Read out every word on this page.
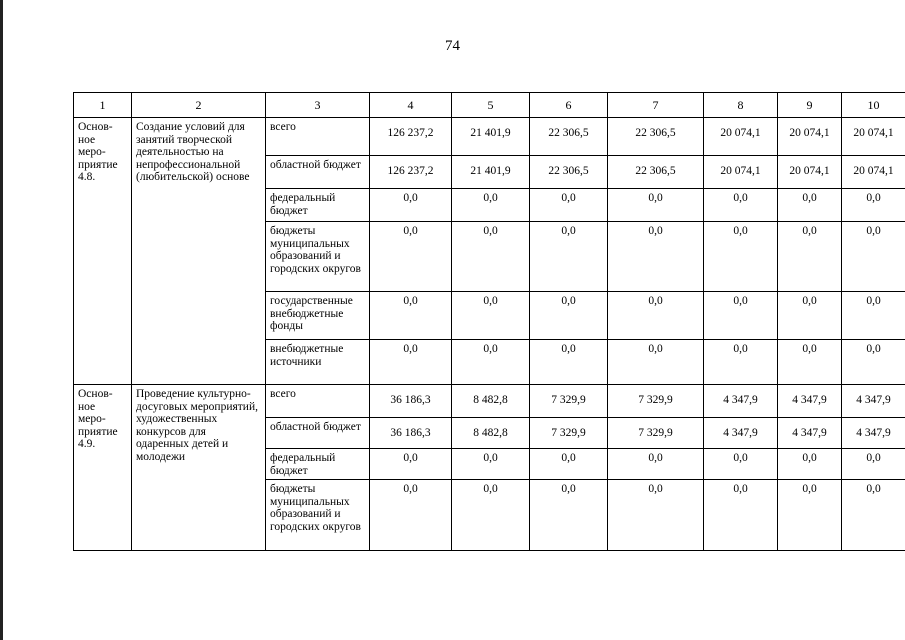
74
1	2	3	4	5	6	7	8	9	10
Основ-
ное
меро-
приятие
4.8.	Создание условий для занятий творческой деятельностью на непрофессиональной (любительской) основе	всего	126 237,2	21 401,9	22 306,5	22 306,5	20 074,1	20 074,1	20 074,1
		областной бюджет	126 237,2	21 401,9	22 306,5	22 306,5	20 074,1	20 074,1	20 074,1
		федеральный бюджет	0,0	0,0	0,0	0,0	0,0	0,0	0,0
		бюджеты муниципальных образований и городских округов	0,0	0,0	0,0	0,0	0,0	0,0	0,0
		государственные внебюджетные фонды	0,0	0,0	0,0	0,0	0,0	0,0	0,0
		внебюджетные источники	0,0	0,0	0,0	0,0	0,0	0,0	0,0
Основ-
ное
меро-
приятие
4.9.	Проведение культурно-досуговых мероприятий, художественных конкурсов для одаренных детей и молодежи	всего	36 186,3	8 482,8	7 329,9	7 329,9	4 347,9	4 347,9	4 347,9
		областной бюджет	36 186,3	8 482,8	7 329,9	7 329,9	4 347,9	4 347,9	4 347,9
		федеральный бюджет	0,0	0,0	0,0	0,0	0,0	0,0	0,0
		бюджеты муниципальных образований и городских округов	0,0	0,0	0,0	0,0	0,0	0,0	0,0
